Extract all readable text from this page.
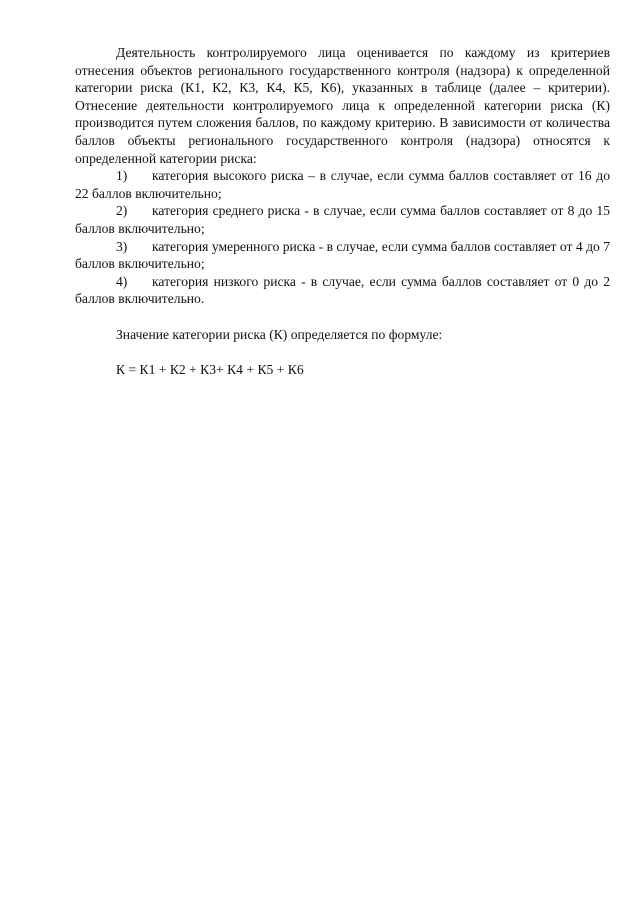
Деятельность контролируемого лица оценивается по каждому из критериев отнесения объектов регионального государственного контроля (надзора) к определенной категории риска (К1, К2, К3, К4, К5, К6), указанных в таблице (далее – критерии). Отнесение деятельности контролируемого лица к определенной категории риска (К) производится путем сложения баллов, по каждому критерию. В зависимости от количества баллов объекты регионального государственного контроля (надзора) относятся к определенной категории риска:

1) категория высокого риска – в случае, если сумма баллов составляет от 16 до 22 баллов включительно;

2) категория среднего риска - в случае, если сумма баллов составляет от 8 до 15 баллов включительно;

3) категория умеренного риска - в случае, если сумма баллов составляет от 4 до 7 баллов включительно;

4) категория низкого риска - в случае, если сумма баллов составляет от 0 до 2 баллов включительно.

Значение категории риска (К) определяется по формуле:

К = К1 + К2 + К3+ К4 + К5 + К6
